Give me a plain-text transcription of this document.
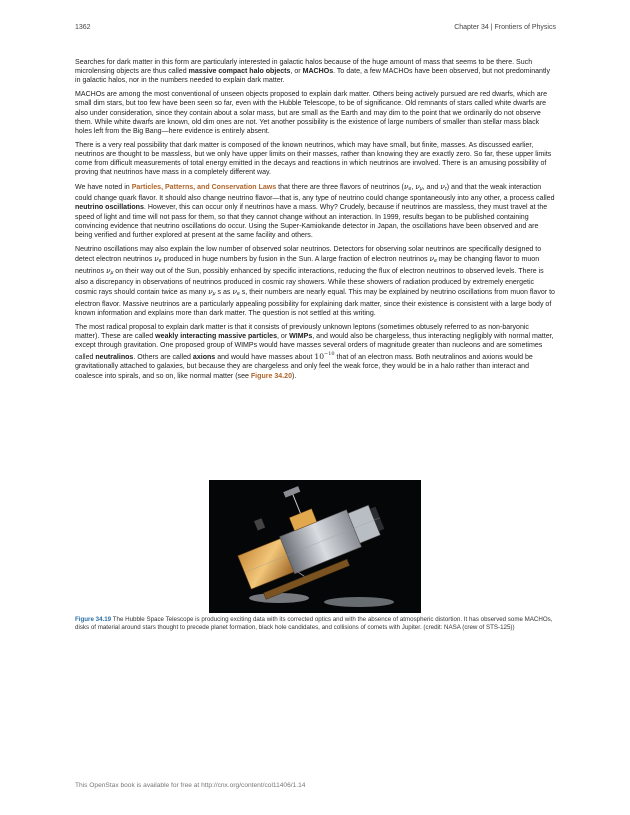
1362	Chapter 34 | Frontiers of Physics

Searches for dark matter in this form are particularly interested in galactic halos because of the huge amount of mass that seems to be there. Such microlensing objects are thus called massive compact halo objects, or MACHOs. To date, a few MACHOs have been observed, but not predominantly in galactic halos, nor in the numbers needed to explain dark matter.

MACHOs are among the most conventional of unseen objects proposed to explain dark matter. Others being actively pursued are red dwarfs, which are small dim stars, but too few have been seen so far, even with the Hubble Telescope, to be of significance. Old remnants of stars called white dwarfs are also under consideration, since they contain about a solar mass, but are small as the Earth and may dim to the point that we ordinarily do not observe them. While white dwarfs are known, old dim ones are not. Yet another possibility is the existence of large numbers of smaller than stellar mass black holes left from the Big Bang—here evidence is entirely absent.

There is a very real possibility that dark matter is composed of the known neutrinos, which may have small, but finite, masses. As discussed earlier, neutrinos are thought to be massless, but we only have upper limits on their masses, rather than knowing they are exactly zero. So far, these upper limits come from difficult measurements of total energy emitted in the decays and reactions in which neutrinos are involved. There is an amusing possibility of proving that neutrinos have mass in a completely different way.

We have noted in Particles, Patterns, and Conservation Laws that there are three flavors of neutrinos ($\nu_e$, $\nu_\mu$, and $\nu_\tau$) and that the weak interaction could change quark flavor. It should also change neutrino flavor—that is, any type of neutrino could change spontaneously into any other, a process called neutrino oscillations. However, this can occur only if neutrinos have a mass. Why? Crudely, because if neutrinos are massless, they must travel at the speed of light and time will not pass for them, so that they cannot change without an interaction. In 1999, results began to be published containing convincing evidence that neutrino oscillations do occur. Using the Super-Kamiokande detector in Japan, the oscillations have been observed and are being verified and further explored at present at the same facility and others.

Neutrino oscillations may also explain the low number of observed solar neutrinos. Detectors for observing solar neutrinos are specifically designed to detect electron neutrinos $\nu_e$ produced in huge numbers by fusion in the Sun. A large fraction of electron neutrinos $\nu_e$ may be changing flavor to muon neutrinos $\nu_\mu$ on their way out of the Sun, possibly enhanced by specific interactions, reducing the flux of electron neutrinos to observed levels. There is also a discrepancy in observations of neutrinos produced in cosmic ray showers. While these showers of radiation produced by extremely energetic cosmic rays should contain twice as many $\nu_\mu$ s as $\nu_e$ s, their numbers are nearly equal. This may be explained by neutrino oscillations from muon flavor to electron flavor. Massive neutrinos are a particularly appealing possibility for explaining dark matter, since their existence is consistent with a large body of known information and explains more than dark matter. The question is not settled at this writing.

The most radical proposal to explain dark matter is that it consists of previously unknown leptons (sometimes obtusely referred to as non-baryonic matter). These are called weakly interacting massive particles, or WIMPs, and would also be chargeless, thus interacting negligibly with normal matter, except through gravitation. One proposed group of WIMPs would have masses several orders of magnitude greater than nucleons and are sometimes called neutralinos. Others are called axions and would have masses about $10^{-10}$ that of an electron mass. Both neutralinos and axions would be gravitationally attached to galaxies, but because they are chargeless and only feel the weak force, they would be in a halo rather than interact and coalesce into spirals, and so on, like normal matter (see Figure 34.20).

Figure 34.19 The Hubble Space Telescope is producing exciting data with its corrected optics and with the absence of atmospheric distortion. It has observed some MACHOs, disks of material around stars thought to precede planet formation, black hole candidates, and collisions of comets with Jupiter. (credit: NASA (crew of STS-125))
This OpenStax book is available for free at http://cnx.org/content/col11406/1.14
